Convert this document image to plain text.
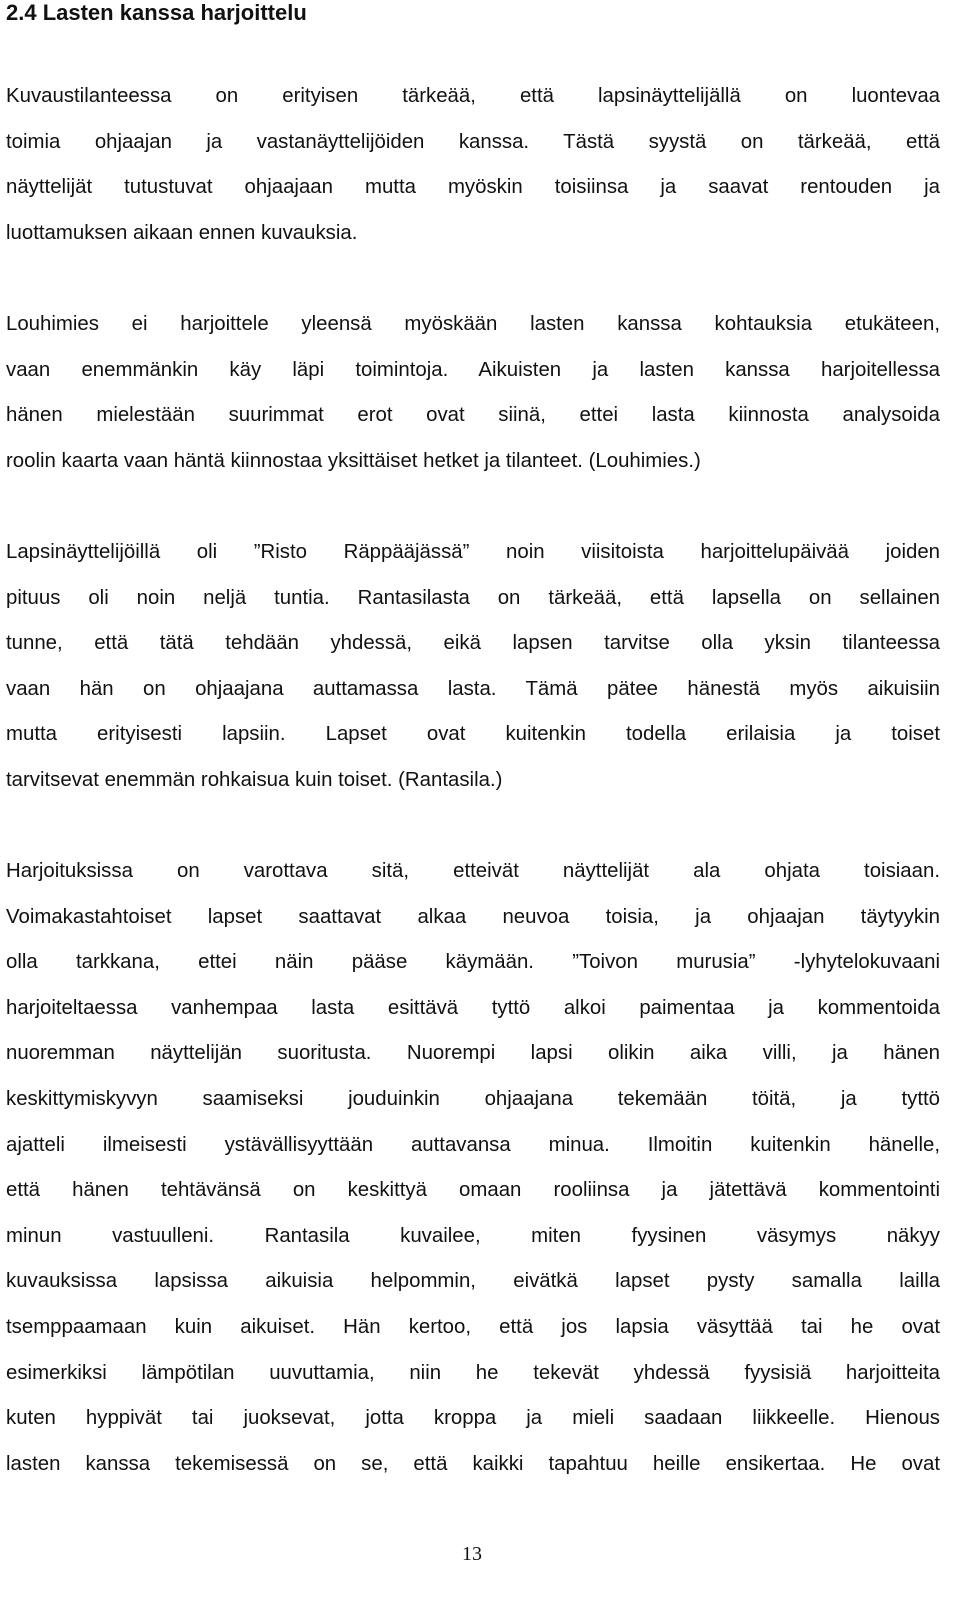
2.4 Lasten kanssa harjoittelu
Kuvaustilanteessa on erityisen tärkeää, että lapsinäyttelijällä on luontevaa
toimia ohjaajan ja vastanäyttelijöiden kanssa. Tästä syystä on tärkeää, että
näyttelijät tutustuvat ohjaajaan mutta myöskin toisiinsa ja saavat rentouden ja
luottamuksen aikaan ennen kuvauksia.
Louhimies ei harjoittele yleensä myöskään lasten kanssa kohtauksia etukäteen,
vaan enemmänkin käy läpi toimintoja. Aikuisten ja lasten kanssa harjoitellessa
hänen mielestään suurimmat erot ovat siinä, ettei lasta kiinnosta analysoida
roolin kaarta vaan häntä kiinnostaa yksittäiset hetket ja tilanteet. (Louhimies.)
Lapsinäyttelijöillä oli ”Risto Räppääjässä” noin viisitoista harjoittelupäivää joiden
pituus oli noin neljä tuntia. Rantasilasta on tärkeää, että lapsella on sellainen
tunne, että tätä tehdään yhdessä, eikä lapsen tarvitse olla yksin tilanteessa
vaan hän on ohjaajana auttamassa lasta. Tämä pätee hänestä myös aikuisiin
mutta erityisesti lapsiin. Lapset ovat kuitenkin todella erilaisia ja toiset
tarvitsevat enemmän rohkaisua kuin toiset. (Rantasila.)
Harjoituksissa on varottava sitä, etteivät näyttelijät ala ohjata toisiaan.
Voimakastahtoiset lapset saattavat alkaa neuvoa toisia, ja ohjaajan täytyykin
olla tarkkana, ettei näin pääse käymään. ”Toivon murusia” -lyhytelokuvaani
harjoiteltaessa vanhempaa lasta esittävä tyttö alkoi paimentaa ja kommentoida
nuoremman näyttelijän suoritusta. Nuorempi lapsi olikin aika villi, ja hänen
keskittymiskyvyn saamiseksi jouduinkin ohjaajana tekemään töitä, ja tyttö
ajatteli ilmeisesti ystävällisyyttään auttavansa minua. Ilmoitin kuitenkin hänelle,
että hänen tehtävänsä on keskittyä omaan rooliinsa ja jätettävä kommentointi
minun vastuulleni. Rantasila kuvailee, miten fyysinen väsymys näkyy
kuvauksissa lapsissa aikuisia helpommin, eivätkä lapset pysty samalla lailla
tsemppaamaan kuin aikuiset. Hän kertoo, että jos lapsia väsyttää tai he ovat
esimerkiksi lämpötilan uuvuttamia, niin he tekevät yhdessä fyysisiä harjoitteita
kuten hyppivät tai juoksevat, jotta kroppa ja mieli saadaan liikkeelle. Hienous
lasten kanssa tekemisessä on se, että kaikki tapahtuu heille ensikertaa. He ovat
13
